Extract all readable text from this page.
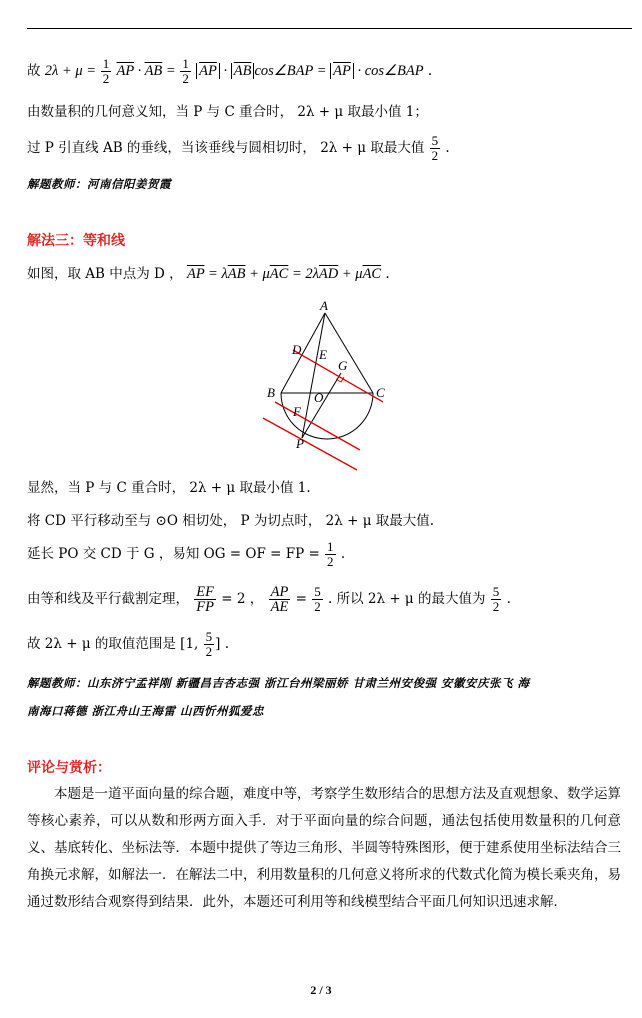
故 $2\lambda + \mu = \frac{1}{2} \overline{AP} \cdot \overline{AB} = \frac{1}{2} \overline{AP} \cdot \overline{AB}$ cos∠BAP = $\overline{AP}$ · cos∠BAP .
由数量积的几何意义知，当 P 与 C 重合时， 2λ + μ 取最小值 1；
过 P 引直线 AB 的垂线，当该垂线与圆相切时， 2λ + μ 取最大值 $\frac{5}{2}$ .
解题教师：河南信阳姜贺霞
解法三：等和线
如图，取 AB 中点为 D ， $\overline{AP} = \lambda\overline{AB} + \mu\overline{AC} = 2\lambda\overline{AD} + \mu\overline{AC}$ .
A
B	C
D E
G
O
F
P
显然，当 P 与 C 重合时， 2λ + μ 取最小值 1.
将 CD 平行移动至与 ⊙O 相切处， P 为切点时， 2λ + μ 取最大值.
延长 PO 交 CD 于 G ，易知 OG = OF = FP = $\frac{1}{2}$ .
由等和线及平行截割定理， $\frac{EF}{FP} = 2$ ， $\frac{AP}{AE} = \frac{5}{2}$ . 所以 2λ + μ 的最大值为 $\frac{5}{2}$ .
故 2λ + μ 的取值范围是 [1, $\frac{5}{2}$ ] .
解题教师：山东济宁孟祥刚 新疆昌吉杏志强 浙江台州梁丽娇 甘肃兰州安俊强 安徽安庆张飞 海
南海口蒋德 浙江舟山王海雷 山西忻州狐爱忠
评论与赏析：
本题是一道平面向量的综合题，难度中等，考察学生数形结合的思想方法及直观想象、数学运算等核心素养，可以从数和形两方面入手．对于平面向量的综合问题，通法包括使用数量积的几何意义、基底转化、坐标法等．本题中提供了等边三角形、半圆等特殊图形，便于建系使用坐标法结合三角换元求解，如解法一．在解法二中，利用数量积的几何意义将所求的代数式化简为模长乘夹角，易通过数形结合观察得到结果．此外，本题还可利用等和线模型结合平面几何知识迅速求解．
2 / 3
